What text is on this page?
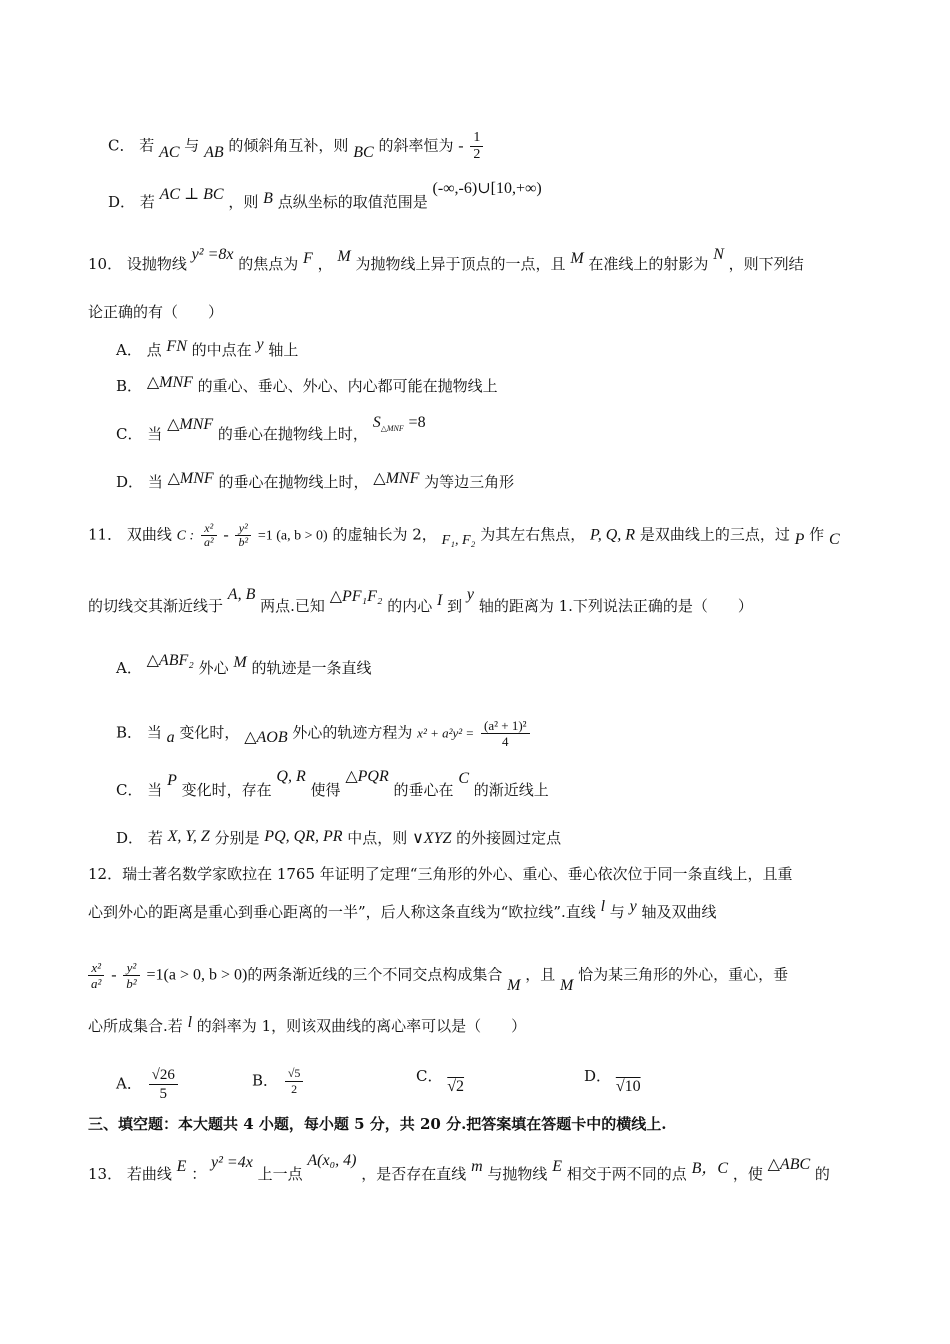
C． 若 AC 与 AB 的倾斜角互补，则 BC 的斜率恒为 - $\frac{1}{2}$
D． 若 AC ⊥ BC ，则 B 点纵坐标的取值范围是 (-∞,-6)∪[10,+∞)
10． 设抛物线 y² =8x 的焦点为 F ， M 为抛物线上异于顶点的一点，且 M 在准线上的射影为 N ，则下列结
论正确的有（　　）
A． 点 FN 的中点在 y 轴上
B． △MNF 的重心、垂心、外心、内心都可能在抛物线上
C． 当 △MNF 的垂心在抛物线上时， $S_{\triangle MNF} =8$
D． 当 △MNF 的垂心在抛物线上时， △MNF 为等边三角形
11． 双曲线 C : $\frac{\text{x²}}{\text{a²}} - \frac{\text{y²}}{\text{b²}} =1$ (a, b > 0) 的虚轴长为 2， F₁, F₂ 为其左右焦点， P, Q, R 是双曲线上的三点，过 P 作 C
的切线交其渐近线于 A, B 两点.已知 △PF₁F₂ 的内心 I 到 y 轴的距离为 1.下列说法正确的是（　　）
A． △ABF₂ 外心 M 的轨迹是一条直线
B． 当 a 变化时， △AOB 外心的轨迹方程为 $x^2 + a^2y^2 = \frac{\text{(a² + 1)²}}{4}$
C． 当 P 变化时，存在 Q, R 使得 △PQR 的垂心在 C 的渐近线上
D． 若 X, Y, Z 分别是 PQ, QR, PR 中点，则 ∨XYZ 的外接圆过定点
12．瑞士著名数学家欧拉在 1765 年证明了定理“三角形的外心、重心、垂心依次位于同一条直线上，且重
心到外心的距离是重心到垂心距离的一半”，后人称这条直线为“欧拉线”.直线 l 与 y 轴及双曲线
$\frac{\text{x²}}{\text{a²}} - \frac{\text{y²}}{\text{b²}} =1(a > 0$, b > 0)的两条渐近线的三个不同交点构成集合 M ，且 M 恰为某三角形的外心，重心，垂
心所成集合.若 l 的斜率为 1，则该双曲线的离心率可以是（　　）
A． $\frac{√26}{5}$	B． $\frac{√5}{2}$	C． √2
D． √10
三、填空题：本大题共 4 小题，每小题 5 分，共 20 分.把答案填在答题卡中的横线上.
13． 若曲线 E ： y² =4x 上一点 A(x₀, 4) ，是否存在直线 m 与抛物线 E 相交于两不同的点 B，C ，使 △ABC 的
